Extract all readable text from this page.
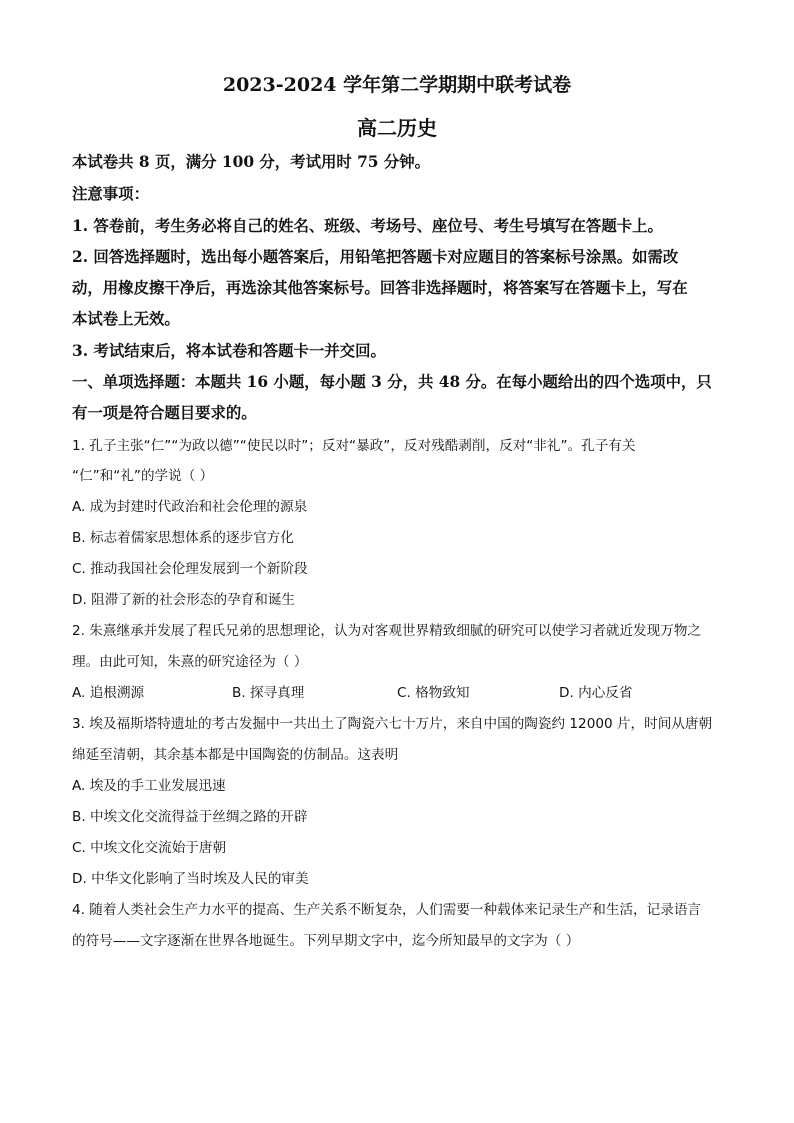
2023-2024 学年第二学期期中联考试卷
高二历史
本试卷共 8 页，满分 100 分，考试用时 75 分钟。
注意事项：
1. 答卷前，考生务必将自己的姓名、班级、考场号、座位号、考生号填写在答题卡上。
2. 回答选择题时，选出每小题答案后，用铅笔把答题卡对应题目的答案标号涂黑。如需改
动，用橡皮擦干净后，再选涂其他答案标号。回答非选择题时，将答案写在答题卡上，写在
本试卷上无效。
3. 考试结束后，将本试卷和答题卡一并交回。
一、单项选择题：本题共 16 小题，每小题 3 分，共 48 分。在每小题给出的四个选项中，只
有一项是符合题目要求的。
1. 孔子主张“仁”“为政以德”“使民以时”；反对“暴政”，反对残酷剥削，反对“非礼”。孔子有关
“仁”和“礼”的学说（ ）
A. 成为封建时代政治和社会伦理的源泉
B. 标志着儒家思想体系的逐步官方化
C. 推动我国社会伦理发展到一个新阶段
D. 阻滞了新的社会形态的孕育和诞生
2. 朱熹继承并发展了程氏兄弟的思想理论，认为对客观世界精致细腻的研究可以使学习者就近发现万物之
理。由此可知，朱熹的研究途径为（ ）
A. 追根溯源	B. 探寻真理	C. 格物致知	D. 内心反省
3. 埃及福斯塔特遗址的考古发掘中一共出土了陶瓷六七十万片，来自中国的陶瓷约 12000 片，时间从唐朝
绵延至清朝，其余基本都是中国陶瓷的仿制品。这表明
A. 埃及的手工业发展迅速
B. 中埃文化交流得益于丝绸之路的开辟
C. 中埃文化交流始于唐朝
D. 中华文化影响了当时埃及人民的审美
4. 随着人类社会生产力水平的提高、生产关系不断复杂，人们需要一种载体来记录生产和生活，记录语言
的符号——文字逐渐在世界各地诞生。下列早期文字中，迄今所知最早的文字为（ ）
